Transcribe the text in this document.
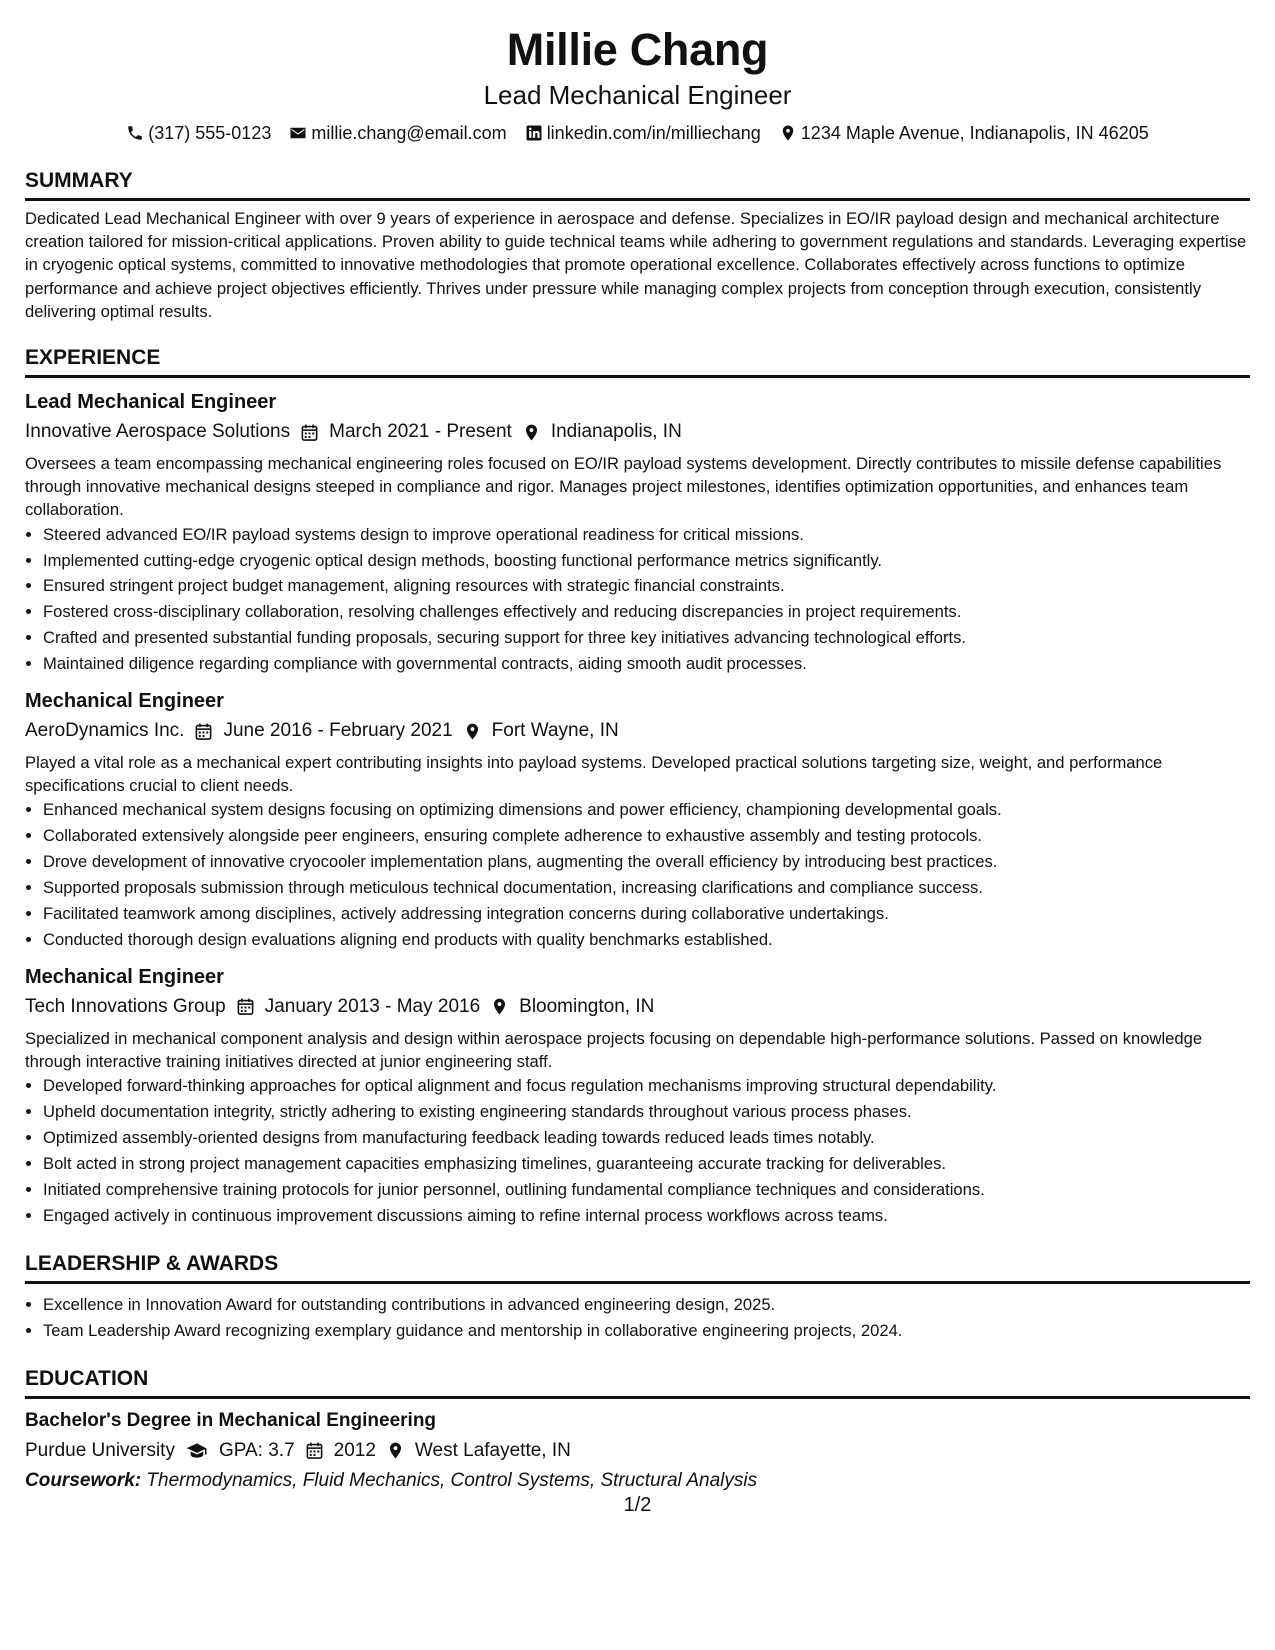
Millie Chang
Lead Mechanical Engineer
(317) 555-0123 millie.chang@email.com linkedin.com/in/milliechang 1234 Maple Avenue, Indianapolis, IN 46205
SUMMARY

Dedicated Lead Mechanical Engineer with over 9 years of experience in aerospace and defense. Specializes in EO/IR payload design and mechanical architecture creation tailored for mission-critical applications. Proven ability to guide technical teams while adhering to government regulations and standards. Leveraging expertise in cryogenic optical systems, committed to innovative methodologies that promote operational excellence. Collaborates effectively across functions to optimize performance and achieve project objectives efficiently. Thrives under pressure while managing complex projects from conception through execution, consistently delivering optimal results.

EXPERIENCE
Lead Mechanical Engineer
Innovative Aerospace Solutions March 2021 - Present Indianapolis, IN

Oversees a team encompassing mechanical engineering roles focused on EO/IR payload systems development. Directly contributes to missile defense capabilities through innovative mechanical designs steeped in compliance and rigor. Manages project milestones, identifies optimization opportunities, and enhances team collaboration.

• Steered advanced EO/IR payload systems design to improve operational readiness for critical missions.
• Implemented cutting-edge cryogenic optical design methods, boosting functional performance metrics significantly.
• Ensured stringent project budget management, aligning resources with strategic financial constraints.
• Fostered cross-disciplinary collaboration, resolving challenges effectively and reducing discrepancies in project requirements.
• Crafted and presented substantial funding proposals, securing support for three key initiatives advancing technological efforts.
• Maintained diligence regarding compliance with governmental contracts, aiding smooth audit processes.
Mechanical Engineer
AeroDynamics Inc. June 2016 - February 2021 Fort Wayne, IN

Played a vital role as a mechanical expert contributing insights into payload systems. Developed practical solutions targeting size, weight, and performance specifications crucial to client needs.

• Enhanced mechanical system designs focusing on optimizing dimensions and power efficiency, championing developmental goals.
• Collaborated extensively alongside peer engineers, ensuring complete adherence to exhaustive assembly and testing protocols.
• Drove development of innovative cryocooler implementation plans, augmenting the overall efficiency by introducing best practices.
• Supported proposals submission through meticulous technical documentation, increasing clarifications and compliance success.
• Facilitated teamwork among disciplines, actively addressing integration concerns during collaborative undertakings.
• Conducted thorough design evaluations aligning end products with quality benchmarks established.
Mechanical Engineer
Tech Innovations Group January 2013 - May 2016 Bloomington, IN

Specialized in mechanical component analysis and design within aerospace projects focusing on dependable high-performance solutions. Passed on knowledge through interactive training initiatives directed at junior engineering staff.

• Developed forward-thinking approaches for optical alignment and focus regulation mechanisms improving structural dependability.
• Upheld documentation integrity, strictly adhering to existing engineering standards throughout various process phases.
• Optimized assembly-oriented designs from manufacturing feedback leading towards reduced leads times notably.
• Bolt acted in strong project management capacities emphasizing timelines, guaranteeing accurate tracking for deliverables.
• Initiated comprehensive training protocols for junior personnel, outlining fundamental compliance techniques and considerations.
• Engaged actively in continuous improvement discussions aiming to refine internal process workflows across teams.
LEADERSHIP & AWARDS
• Excellence in Innovation Award for outstanding contributions in advanced engineering design, 2025.
• Team Leadership Award recognizing exemplary guidance and mentorship in collaborative engineering projects, 2024.
EDUCATION
Bachelor's Degree in Mechanical Engineering
Purdue University GPA: 3.7 2012 West Lafayette, IN
Coursework: Thermodynamics, Fluid Mechanics, Control Systems, Structural Analysis
1/2
